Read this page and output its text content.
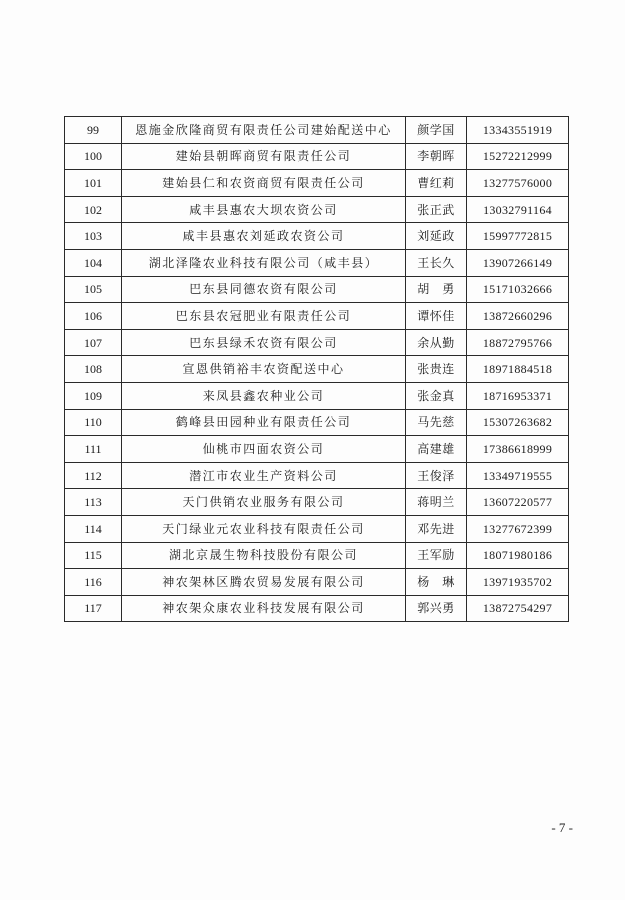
99	恩施金欣隆商贸有限责任公司建始配送中心	颜学国	13343551919
100	建始县朝晖商贸有限责任公司	李朝晖	15272212999
101	建始县仁和农资商贸有限责任公司	曹红莉	13277576000
102	咸丰县惠农大坝农资公司	张正武	13032791164
103	咸丰县惠农刘延政农资公司	刘延政	15997772815
104	湖北泽隆农业科技有限公司（咸丰县）	王长久	13907266149
105	巴东县同德农资有限公司	胡　勇	15171032666
106	巴东县农冠肥业有限责任公司	谭怀佳	13872660296
107	巴东县绿禾农资有限公司	余从勤	18872795766
108	宣恩供销裕丰农资配送中心	张贵连	18971884518
109	来凤县鑫农种业公司	张金真	18716953371
110	鹤峰县田园种业有限责任公司	马先慈	15307263682
111	仙桃市四面农资公司	高建雄	17386618999
112	潜江市农业生产资料公司	王俊泽	13349719555
113	天门供销农业服务有限公司	蒋明兰	13607220577
114	天门绿业元农业科技有限责任公司	邓先进	13277672399
115	湖北京晟生物科技股份有限公司	王军励	18071980186
116	神农架林区腾农贸易发展有限公司	杨　琳	13971935702
117	神农架众康农业科技发展有限公司	郭兴勇	13872754297
- 7 -
